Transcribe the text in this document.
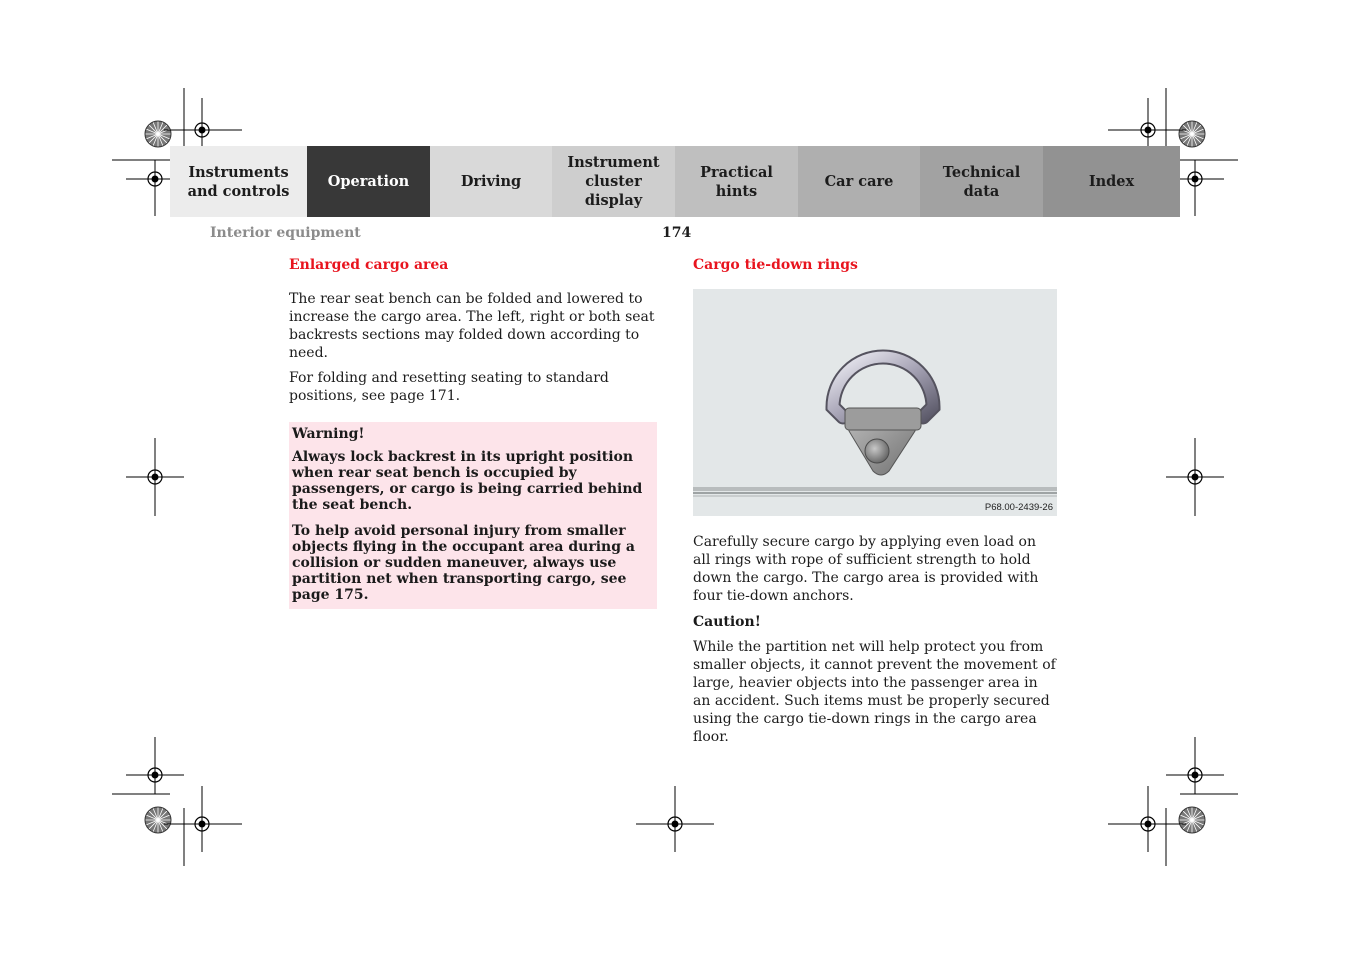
Instruments
and controls
Operation	Driving
Instrument
cluster display
Practical hints
Car care
Technical
data
Index
Interior equipment	174
Enlarged cargo area

The rear seat bench can be folded and lowered to increase the cargo area. The left, right or both seat backrests sections may folded down according to need.

For folding and resetting seating to standard positions, see page 171.

Warning!

Always lock backrest in its upright position when rear seat bench is occupied by passengers, or cargo is being carried behind the seat bench.

To help avoid personal injury from smaller objects flying in the occupant area during a collision or sudden maneuver, always use partition net when transporting cargo, see page 175.

Cargo tie-down rings
P68.00-2439-26

Carefully secure cargo by applying even load on all rings with rope of sufficient strength to hold down the cargo. The cargo area is provided with four tie-down anchors.

Caution!

While the partition net will help protect you from smaller objects, it cannot prevent the movement of large, heavier objects into the passenger area in an accident. Such items must be properly secured using the cargo tie-down rings in the cargo area floor.
